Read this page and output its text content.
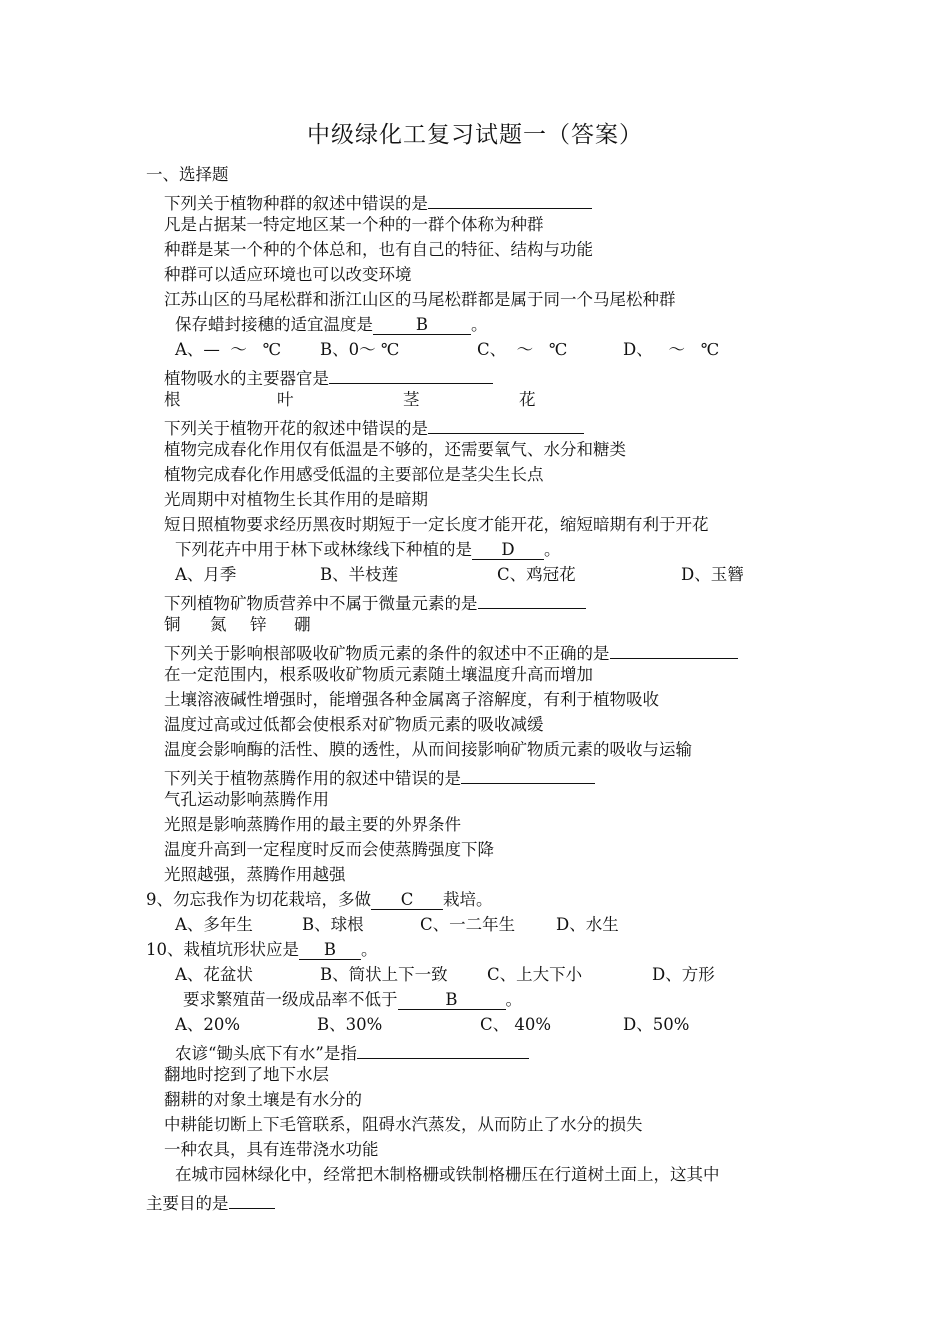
中级绿化工复习试题一（答案）
一、选择题
下列关于植物种群的叙述中错误的是
凡是占据某一特定地区某一个种的一群个体称为种群
种群是某一个种的个体总和，也有自己的特征、结构与功能
种群可以适应环境也可以改变环境
江苏山区的马尾松群和浙江山区的马尾松群都是属于同一个马尾松种群
保存蜡封接穗的适宜温度是	B	。
A、—  ～   ℃ B、0～ ℃	C、  ～   ℃	D、   ～   ℃
植物吸水的主要器官是
根	叶	茎	花
下列关于植物开花的叙述中错误的是
植物完成春化作用仅有低温是不够的，还需要氧气、水分和糖类
植物完成春化作用感受低温的主要部位是茎尖生长点
光周期中对植物生长其作用的是暗期
短日照植物要求经历黑夜时期短于一定长度才能开花，缩短暗期有利于开花
下列花卉中用于林下或林缘线下种植的是 D 。
A、月季	B、半枝莲	C、鸡冠花	D、玉簪
下列植物矿物质营养中不属于微量元素的是
铜 氮 锌 硼
下列关于影响根部吸收矿物质元素的条件的叙述中不正确的是
在一定范围内，根系吸收矿物质元素随土壤温度升高而增加
土壤溶液碱性增强时，能增强各种金属离子溶解度，有利于植物吸收
温度过高或过低都会使根系对矿物质元素的吸收减缓
温度会影响酶的活性、膜的透性，从而间接影响矿物质元素的吸收与运输
下列关于植物蒸腾作用的叙述中错误的是
气孔运动影响蒸腾作用
光照是影响蒸腾作用的最主要的外界条件
温度升高到一定程度时反而会使蒸腾强度下降
光照越强，蒸腾作用越强
9、勿忘我作为切花栽培，多做 C 栽培。
A、多年生	B、球根	C、一二年生 D、水生
10、栽植坑形状应是 B 。
A、花盆状	B、筒状上下一致 C、上大下小	D、方形
要求繁殖苗一级成品率不低于	B	。
A、20%	B、30%	C、 40%	D、50%
农谚“锄头底下有水”是指
翻地时挖到了地下水层
翻耕的对象土壤是有水分的
中耕能切断上下毛管联系，阻碍水汽蒸发，从而防止了水分的损失
一种农具，具有连带浇水功能
在城市园林绿化中，经常把木制格栅或铁制格栅压在行道树土面上，这其中
主要目的是
